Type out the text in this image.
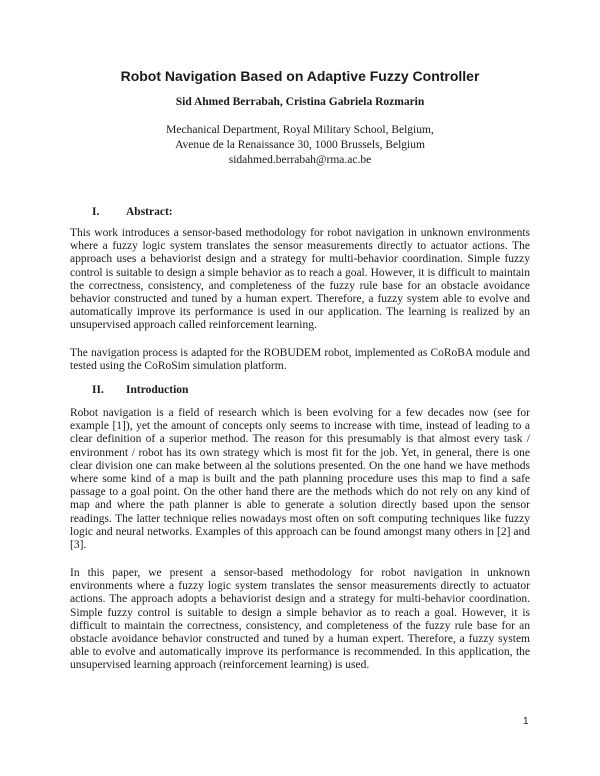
Robot Navigation Based on Adaptive Fuzzy Controller
Sid Ahmed Berrabah, Cristina Gabriela Rozmarin
Mechanical Department, Royal Military School, Belgium,
Avenue de la Renaissance 30, 1000 Brussels, Belgium
sidahmed.berrabah@rma.ac.be
I. Abstract:

This work introduces a sensor-based methodology for robot navigation in unknown environments where a fuzzy logic system translates the sensor measurements directly to actuator actions. The approach uses a behaviorist design and a strategy for multi-behavior coordination. Simple fuzzy control is suitable to design a simple behavior as to reach a goal. However, it is difficult to maintain the correctness, consistency, and completeness of the fuzzy rule base for an obstacle avoidance behavior constructed and tuned by a human expert. Therefore, a fuzzy system able to evolve and automatically improve its performance is used in our application. The learning is realized by an unsupervised approach called reinforcement learning.

The navigation process is adapted for the ROBUDEM robot, implemented as CoRoBA module and tested using the CoRoSim simulation platform.

II. Introduction

Robot navigation is a field of research which is been evolving for a few decades now (see for example [1]), yet the amount of concepts only seems to increase with time, instead of leading to a clear definition of a superior method. The reason for this presumably is that almost every task / environment / robot has its own strategy which is most fit for the job. Yet, in general, there is one clear division one can make between al the solutions presented. On the one hand we have methods where some kind of a map is built and the path planning procedure uses this map to find a safe passage to a goal point. On the other hand there are the methods which do not rely on any kind of map and where the path planner is able to generate a solution directly based upon the sensor readings. The latter technique relies nowadays most often on soft computing techniques like fuzzy logic and neural networks. Examples of this approach can be found amongst many others in [2] and [3].

In this paper, we present a sensor-based methodology for robot navigation in unknown environments where a fuzzy logic system translates the sensor measurements directly to actuator actions. The approach adopts a behaviorist design and a strategy for multi-behavior coordination. Simple fuzzy control is suitable to design a simple behavior as to reach a goal. However, it is difficult to maintain the correctness, consistency, and completeness of the fuzzy rule base for an obstacle avoidance behavior constructed and tuned by a human expert. Therefore, a fuzzy system able to evolve and automatically improve its performance is recommended. In this application, the unsupervised learning approach (reinforcement learning) is used.

1
